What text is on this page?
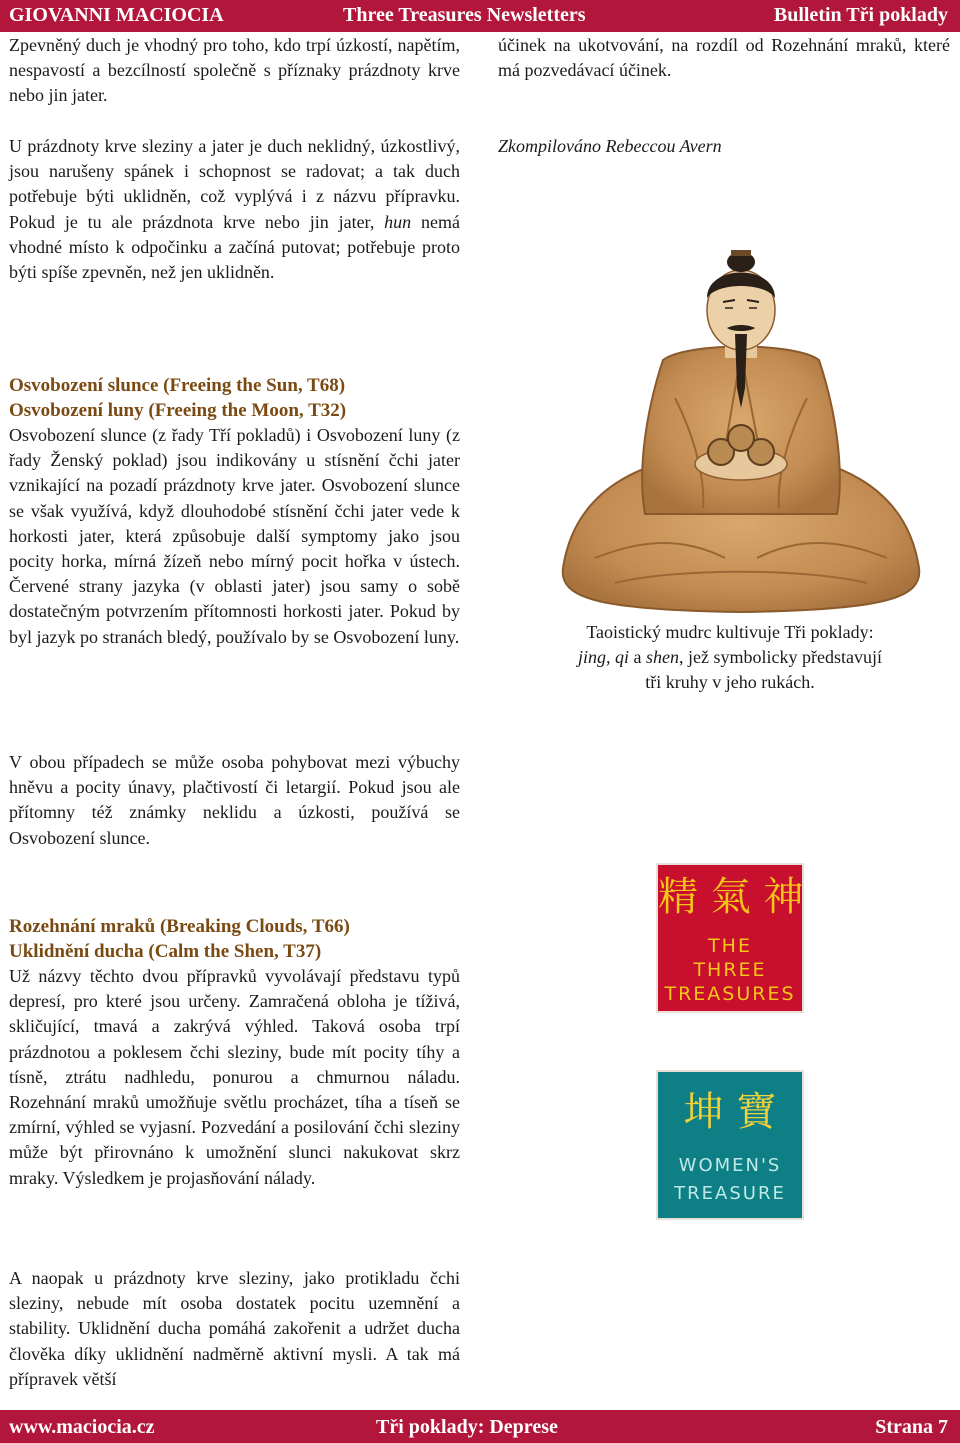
GIOVANNI MACIOCIA	Three Treasures Newsletters	Bulletin Tři poklady

Zpevněný duch je vhodný pro toho, kdo trpí úzkostí, napětím, nespavostí a bezcílností společně s příznaky prázdnoty krve nebo jin jater.

U prázdnoty krve sleziny a jater je duch neklidný, úzkostlivý, jsou narušeny spánek i schopnost se radovat; a tak duch potřebuje býti uklidněn, což vyplývá i z názvu přípravku. Pokud je tu ale prázdnota krve nebo jin jater, hun nemá vhodné místo k odpočinku a začíná putovat; potřebuje proto býti spíše zpevněn, než jen uklidněn.

Osvobození slunce (Freeing the Sun, T68)

Osvobození luny (Freeing the Moon, T32)

Osvobození slunce (z řady Tří pokladů) i Osvobození luny (z řady Ženský poklad) jsou indikovány u stísnění čchi jater vznikající na pozadí prázdnoty krve jater. Osvobození slunce se však využívá, když dlouhodobé stísnění čchi jater vede k horkosti jater, která způsobuje další symptomy jako jsou pocity horka, mírná žízeň nebo mírný pocit hořka v ústech. Červené strany jazyka (v oblasti jater) jsou samy o sobě dostatečným potvrzením přítomnosti horkosti jater. Pokud by byl jazyk po stranách bledý, používalo by se Osvobození luny.

V obou případech se může osoba pohybovat mezi výbuchy hněvu a pocity únavy, plačtivostí či letargií. Pokud jsou ale přítomny též známky neklidu a úzkosti, používá se Osvobození slunce.

Rozehnání mraků (Breaking Clouds, T66)

Uklidnění ducha (Calm the Shen, T37)

Už názvy těchto dvou přípravků vyvolávají představu typů depresí, pro které jsou určeny. Zamračená obloha je tíživá, skličující, tmavá a zakrývá výhled. Taková osoba trpí prázdnotou a poklesem čchi sleziny, bude mít pocity tíhy a tísně, ztrátu nadhledu, ponurou a chmurnou náladu. Rozehnání mraků umožňuje světlu procházet, tíha a tíseň se zmírní, výhled se vyjasní. Pozvedání a posilování čchi sleziny může být přirovnáno k umožnění slunci nakukovat skrz mraky. Výsledkem je projasňování nálady.

A naopak u prázdnoty krve sleziny, jako protikladu čchi sleziny, nebude mít osoba dostatek pocitu uzemnění a stability. Uklidnění ducha pomáhá zakořenit a udržet ducha člověka díky uklidnění nadměrně aktivní mysli. A tak má přípravek větší

účinek na ukotvování, na rozdíl od Rozehnání mraků, které má pozvedávací účinek.

Zkompilováno Rebeccou Avern

Taoistický mudrc kultivuje Tři poklady:
jing, qi a shen, jež symbolicky představují
tři kruhy v jeho rukách.

精 氣 神
THE
THREE
TREASURES
坤 寶
WOMEN'S
TREASURE
www.maciocia.cz	Tři poklady: Depresе	Strana 7
